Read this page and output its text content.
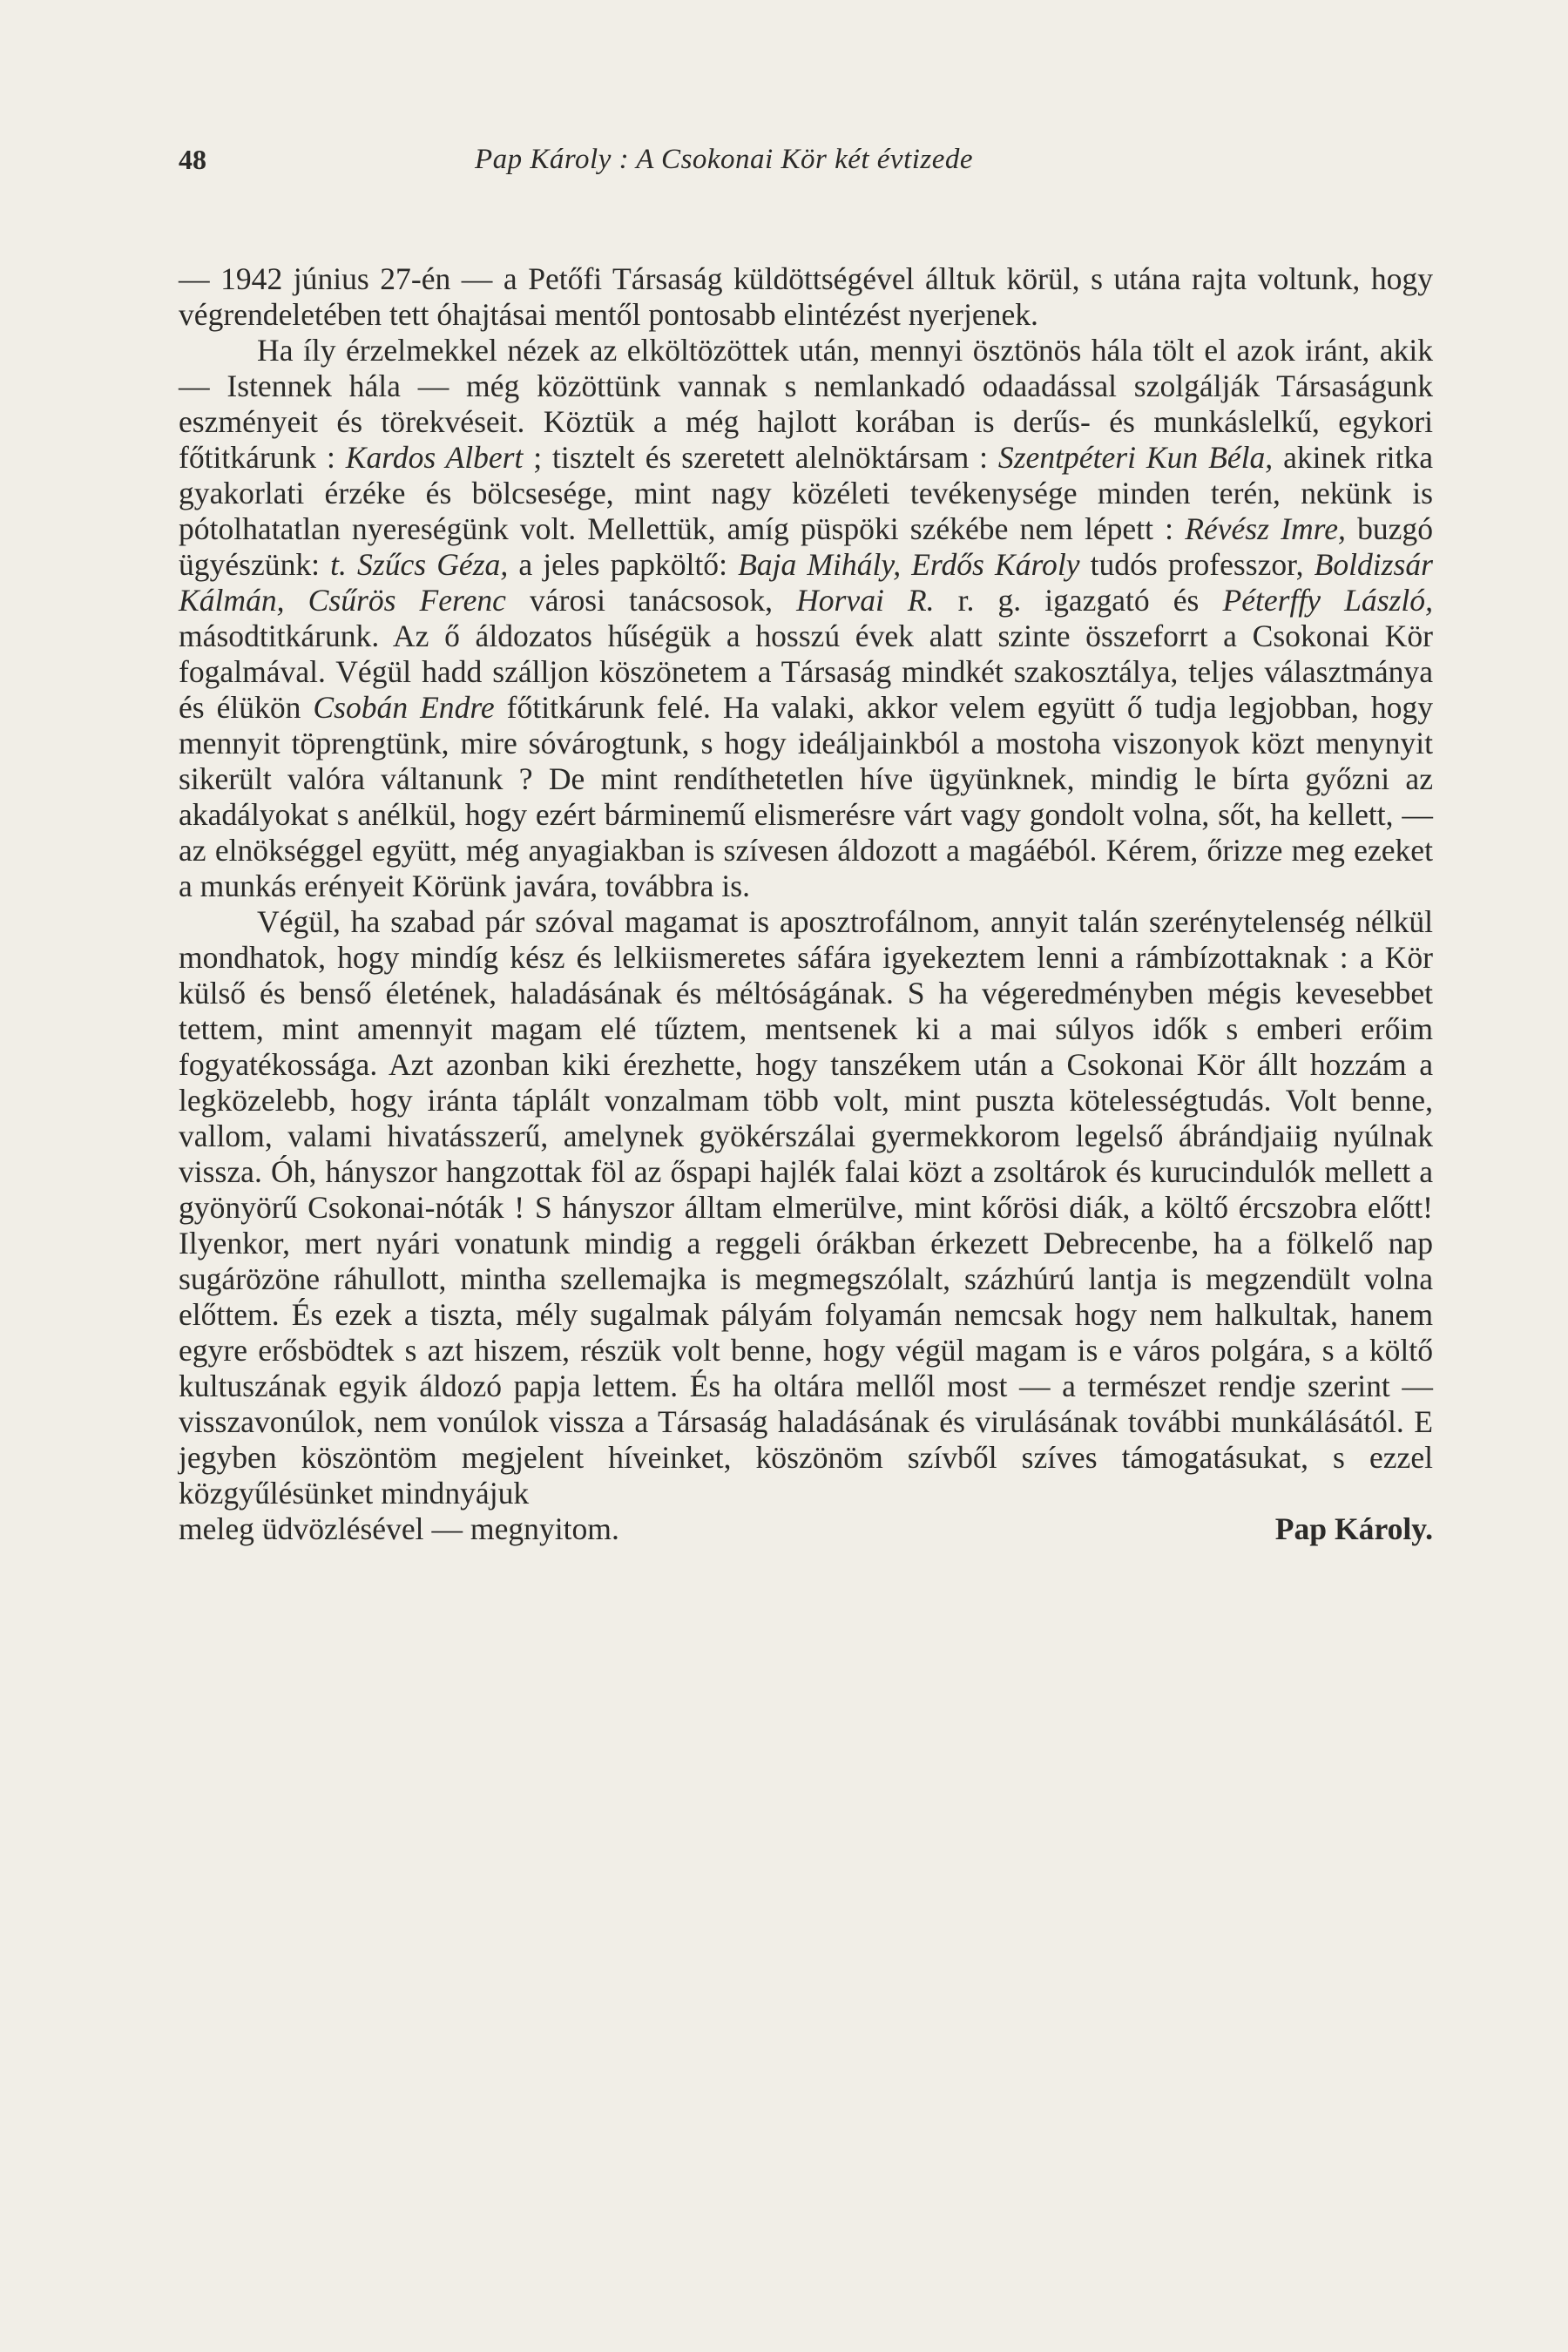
48	Pap Károly : A Csokonai Kör két évtizede

— 1942 június 27-én — a Petőfi Társaság küldöttségével álltuk körül, s utána rajta voltunk, hogy végrendeletében tett óhajtásai mentől pontosabb elintézést nyerjenek.

Ha íly érzelmekkel nézek az elköltözöttek után, mennyi ösztönös hála tölt el azok iránt, akik — Istennek hála — még közöttünk vannak s nemlankadó odaadással szolgálják Társaságunk eszményeit és törekvéseit. Köztük a még hajlott korában is derűs- és munkáslelkű, egykori főtitkárunk : Kardos Albert ; tisztelt és szeretett alelnöktársam : Szentpéteri Kun Béla, akinek ritka gyakorlati érzéke és bölcsesége, mint nagy közéleti tevékenysége minden terén, nekünk is pótolhatatlan nyereségünk volt. Mellettük, amíg püspöki székébe nem lépett : Révész Imre, buzgó ügyészünk: t. Szűcs Géza, a jeles papköltő: Baja Mihály, Erdős Károly tudós professzor, Boldizsár Kálmán, Csűrös Ferenc városi tanácsosok, Horvai R. r. g. igazgató és Péterffy László, másodtitkárunk. Az ő áldozatos hűségük a hosszú évek alatt szinte összeforrt a Csokonai Kör fogalmával. Végül hadd szálljon köszönetem a Társaság mindkét szakosztálya, teljes választmánya és élükön Csobán Endre főtitkárunk felé. Ha valaki, akkor velem együtt ő tudja legjobban, hogy mennyit töprengtünk, mire sóvárogtunk, s hogy ideáljainkból a mostoha viszonyok közt menynyit sikerült valóra váltanunk ? De mint rendíthetetlen híve ügyünknek, mindig le bírta győzni az akadályokat s anélkül, hogy ezért bárminemű elismerésre várt vagy gondolt volna, sőt, ha kellett, — az elnökséggel együtt, még anyagiakban is szívesen áldozott a magáéból. Kérem, őrizze meg ezeket a munkás erényeit Körünk javára, továbbra is.

Végül, ha szabad pár szóval magamat is aposztrofálnom, annyit talán szerénytelenség nélkül mondhatok, hogy mindíg kész és lelkiismeretes sáfára igyekeztem lenni a rámbízottaknak : a Kör külső és benső életének, haladásának és méltóságának. S ha végeredményben mégis kevesebbet tettem, mint amennyit magam elé tűztem, mentsenek ki a mai súlyos idők s emberi erőim fogyatékossága. Azt azonban kiki érezhette, hogy tanszékem után a Csokonai Kör állt hozzám a legközelebb, hogy iránta táplált vonzalmam több volt, mint puszta kötelességtudás. Volt benne, vallom, valami hivatásszerű, amelynek gyökérszálai gyermekkorom legelső ábrándjaiig nyúlnak vissza. Óh, hányszor hangzottak föl az őspapi hajlék falai közt a zsoltárok és kurucindulók mellett a gyönyörű Csokonai-nóták ! S hányszor álltam elmerülve, mint kőrösi diák, a költő ércszobra előtt! Ilyenkor, mert nyári vonatunk mindig a reggeli órákban érkezett Debrecenbe, ha a fölkelő nap sugárözöne ráhullott, mintha szellemajka is megmegszólalt, százhúrú lantja is megzendült volna előttem. És ezek a tiszta, mély sugalmak pályám folyamán nemcsak hogy nem halkultak, hanem egyre erősbödtek s azt hiszem, részük volt benne, hogy végül magam is e város polgára, s a költő kultuszának egyik áldozó papja lettem. És ha oltára mellől most — a természet rendje szerint — visszavonúlok, nem vonúlok vissza a Társaság haladásának és virulásának további munkálásától. E jegyben köszöntöm megjelent híveinket, köszönöm szívből szíves támogatásukat, s ezzel közgyűlésünket mindnyájuk

meleg üdvözlésével — megnyitom.	Pap Károly.
